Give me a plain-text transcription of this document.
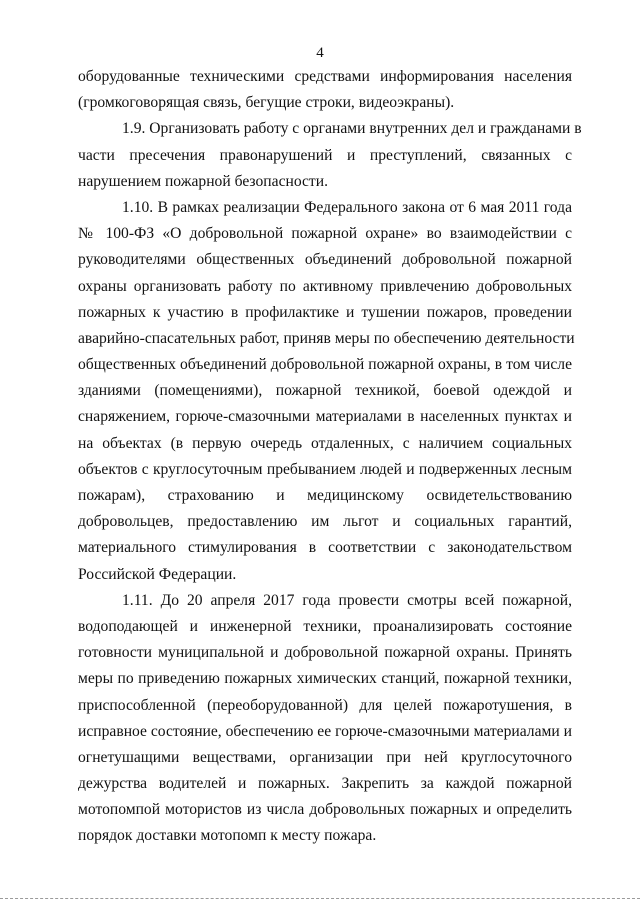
4
оборудованные техническими средствами информирования населения
(громкоговорящая связь, бегущие строки, видеоэкраны).
1.9. Организовать работу с органами внутренних дел и гражданами в
части пресечения правонарушений и преступлений, связанных с
нарушением пожарной безопасности.
1.10. В рамках реализации Федерального закона от 6 мая 2011 года
№ 100-ФЗ «О добровольной пожарной охране» во взаимодействии с
руководителями общественных объединений добровольной пожарной
охраны организовать работу по активному привлечению добровольных
пожарных к участию в профилактике и тушении пожаров, проведении
аварийно-спасательных работ, приняв меры по обеспечению деятельности
общественных объединений добровольной пожарной охраны, в том числе
зданиями (помещениями), пожарной техникой, боевой одеждой и
снаряжением, горюче-смазочными материалами в населенных пунктах и
на объектах (в первую очередь отдаленных, с наличием социальных
объектов с круглосуточным пребыванием людей и подверженных лесным
пожарам), страхованию и медицинскому освидетельствованию
добровольцев, предоставлению им льгот и социальных гарантий,
материального стимулирования в соответствии с законодательством
Российской Федерации.
1.11. До 20 апреля 2017 года провести смотры всей пожарной,
водоподающей и инженерной техники, проанализировать состояние
готовности муниципальной и добровольной пожарной охраны. Принять
меры по приведению пожарных химических станций, пожарной техники,
приспособленной (переоборудованной) для целей пожаротушения, в
исправное состояние, обеспечению ее горюче-смазочными материалами и
огнетушащими веществами, организации при ней круглосуточного
дежурства водителей и пожарных. Закрепить за каждой пожарной
мотопомпой мотористов из числа добровольных пожарных и определить
порядок доставки мотопомп к месту пожара.
